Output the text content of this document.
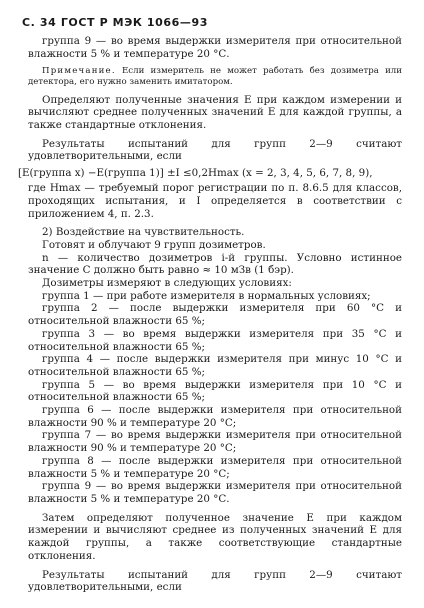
С. 34 ГОСТ Р МЭК 1066—93

группа 9 — во время выдержки измерителя при относительной влажности 5 % и температуре 20 °С.

Примечание. Если измеритель не может работать без дозиметра или детектора, его нужно заменить имитатором.

Определяют полученные значения E при каждом измерении и вычисляют среднее полученных значений E для каждой группы, а также стандартные отклонения.

Результаты испытаний для групп 2—9 считают удовлетворительными, если

[E(группа x) −E(группа 1)] ±I ≤0,2Hmax (x = 2, 3, 4, 5, 6, 7, 8, 9),

где Hmax — требуемый порог регистрации по п. 8.6.5 для классов, проходящих испытания, и I определяется в соответствии с приложением 4, п. 2.3.

2) Воздействие на чувствительность.

Готовят и облучают 9 групп дозиметров.

n — количество дозиметров i-й группы. Условно истинное значение С должно быть равно ≈ 10 мЗв (1 бэр).

Дозиметры измеряют в следующих условиях:

группа 1 — при работе измерителя в нормальных условиях;

группа 2 — после выдержки измерителя при 60 °С и относительной влажности 65 %;

группа 3 — во время выдержки измерителя при 35 °С и относительной влажности 65 %;

группа 4 — после выдержки измерителя при минус 10 °С и относительной влажности 65 %;

группа 5 — во время выдержки измерителя при 10 °С и относительной влажности 65 %;

группа 6 — после выдержки измерителя при относительной влажности 90 % и температуре 20 °С;

группа 7 — во время выдержки измерителя при относительной влажности 90 % и температуре 20 °С;

группа 8 — после выдержки измерителя при относительной влажности 5 % и температуре 20 °С;

группа 9 — во время выдержки измерителя при относительной влажности 5 % и температуре 20 °С.

Затем определяют полученное значение E при каждом измерении и вычисляют среднее из полученных значений E для каждой группы, а также соответствующие стандартные отклонения.

Результаты испытаний для групп 2—9 считают удовлетворительными, если
